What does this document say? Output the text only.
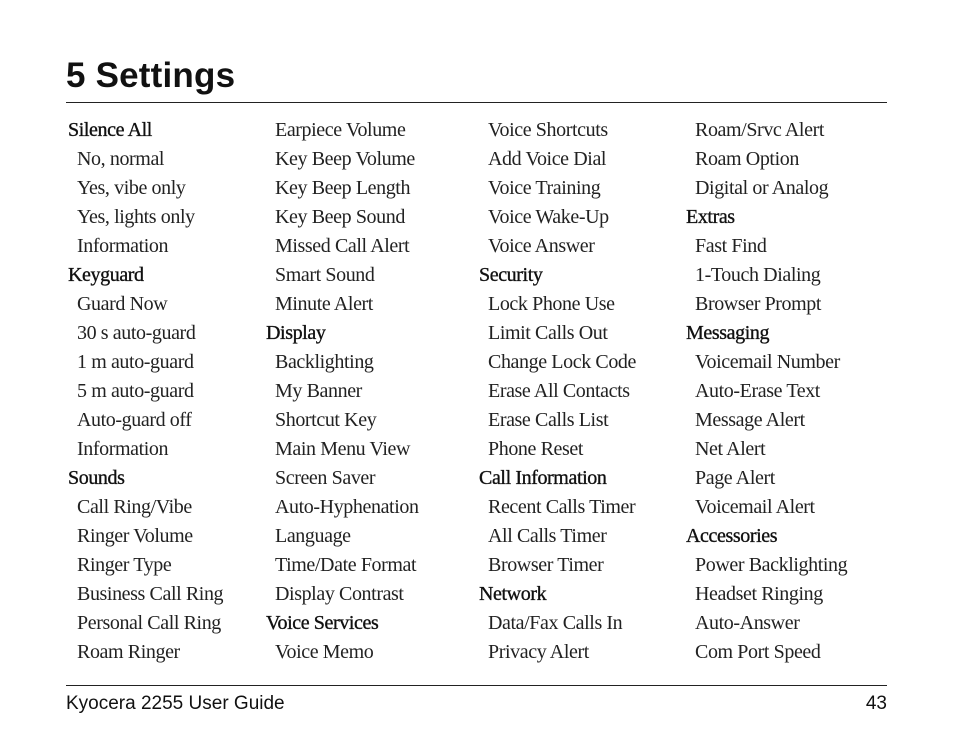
5 Settings
Silence All
No, normal
Yes, vibe only
Yes, lights only
Information
Keyguard
Guard Now
30 s auto-guard
1 m auto-guard
5 m auto-guard
Auto-guard off
Information
Sounds
Call Ring/Vibe
Ringer Volume
Ringer Type
Business Call Ring
Personal Call Ring
Roam Ringer
Earpiece Volume
Key Beep Volume
Key Beep Length
Key Beep Sound
Missed Call Alert
Smart Sound
Minute Alert
Display
Backlighting
My Banner
Shortcut Key
Main Menu View
Screen Saver
Auto-Hyphenation
Language
Time/Date Format
Display Contrast
Voice Services
Voice Memo
Voice Shortcuts
Add Voice Dial
Voice Training
Voice Wake-Up
Voice Answer
Security
Lock Phone Use
Limit Calls Out
Change Lock Code
Erase All Contacts
Erase Calls List
Phone Reset
Call Information
Recent Calls Timer
All Calls Timer
Browser Timer
Network
Data/Fax Calls In
Privacy Alert
Roam/Srvc Alert
Roam Option
Digital or Analog
Extras
Fast Find
1-Touch Dialing
Browser Prompt
Messaging
Voicemail Number
Auto-Erase Text
Message Alert
Net Alert
Page Alert
Voicemail Alert
Accessories
Power Backlighting
Headset Ringing
Auto-Answer
Com Port Speed
Kyocera 2255 User Guide	43
